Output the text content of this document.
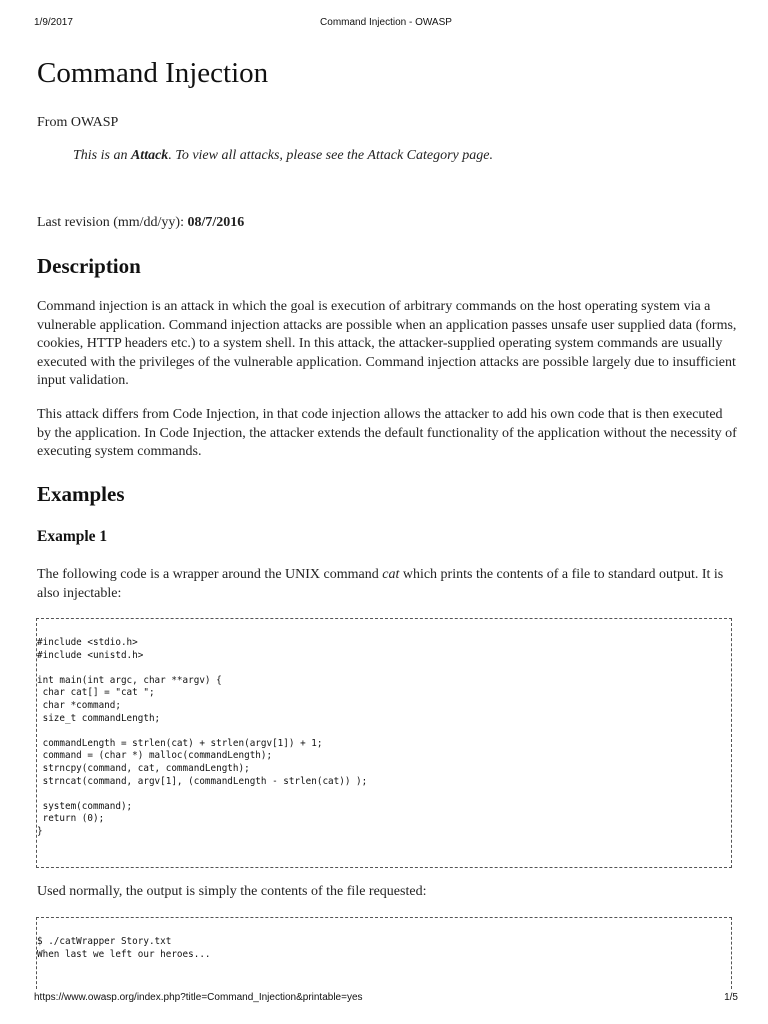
1/9/2017	Command Injection - OWASP
Command Injection
From OWASP
This is an Attack. To view all attacks, please see the Attack Category page.
Last revision (mm/dd/yy): 08/7/2016
Description

Command injection is an attack in which the goal is execution of arbitrary commands on the host operating system via a vulnerable application. Command injection attacks are possible when an application passes unsafe user supplied data (forms, cookies, HTTP headers etc.) to a system shell. In this attack, the attacker-supplied operating system commands are usually executed with the privileges of the vulnerable application. Command injection attacks are possible largely due to insufficient input validation.

This attack differs from Code Injection, in that code injection allows the attacker to add his own code that is then executed by the application. In Code Injection, the attacker extends the default functionality of the application without the necessity of executing system commands.

Examples
Example 1

The following code is a wrapper around the UNIX command cat which prints the contents of a file to standard output. It is also injectable:

#include <stdio.h>
#include <unistd.h>
int main(int argc, char **argv) {
char cat[] = "cat ";
char *command;
size_t commandLength;
commandLength = strlen(cat) + strlen(argv[1]) + 1;
command = (char *) malloc(commandLength);
strncpy(command, cat, commandLength);
strncat(command, argv[1], (commandLength - strlen(cat)) );
system(command);
return (0);
}

Used normally, the output is simply the contents of the file requested:

$ ./catWrapper Story.txt
When last we left our heroes...
https://www.owasp.org/index.php?title=Command_Injection&printable=yes	1/5
